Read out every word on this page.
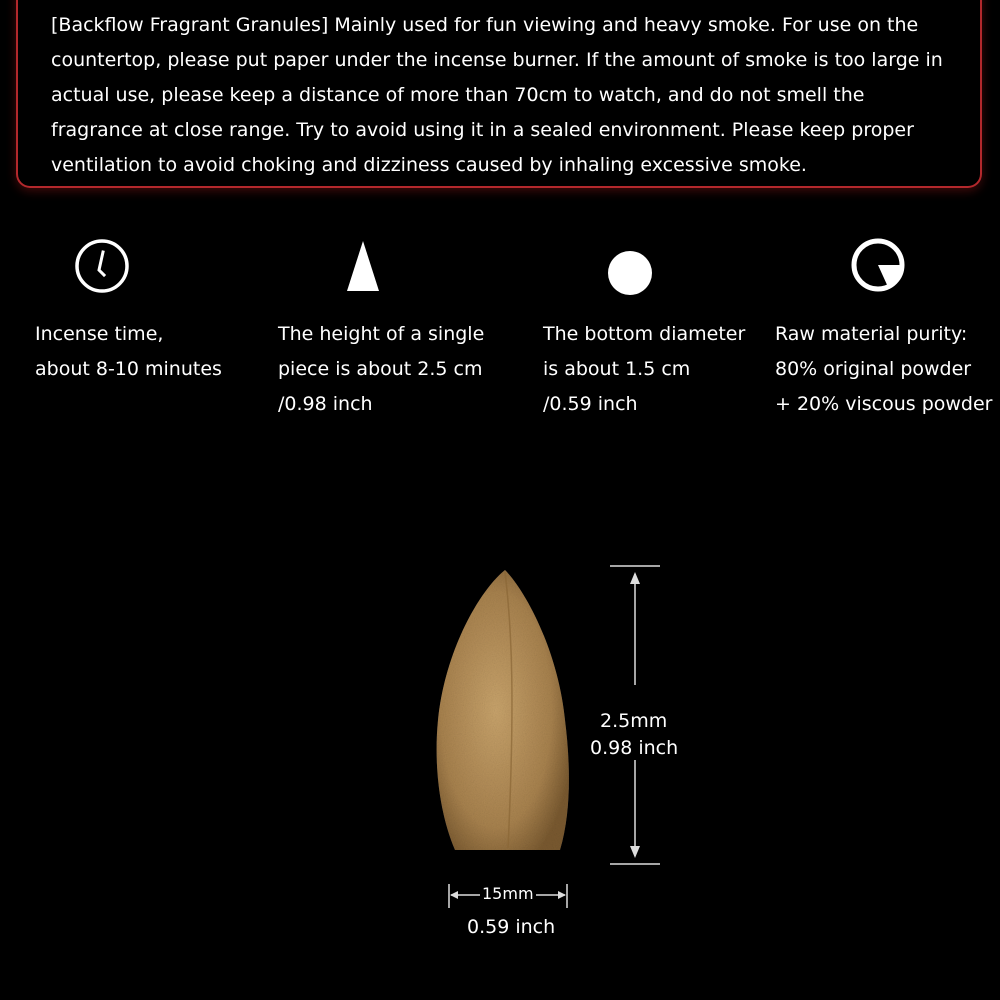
[Backflow Fragrant Granules] Mainly used for fun viewing and heavy smoke. For use on the countertop, please put paper under the incense burner. If the amount of smoke is too large in actual use, please keep a distance of more than 70cm to watch, and do not smell the fragrance at close range. Try to avoid using it in a sealed environment. Please keep proper ventilation to avoid choking and dizziness caused by inhaling excessive smoke.

Incense time,
about 8-10 minutes

The height of a single
piece is about 2.5 cm
/0.98 inch

The bottom diameter
is about 1.5 cm
/0.59 inch

Raw material purity:
80% original powder
+ 20% viscous powder

2.5mm

0.98 inch

15mm

0.59 inch
